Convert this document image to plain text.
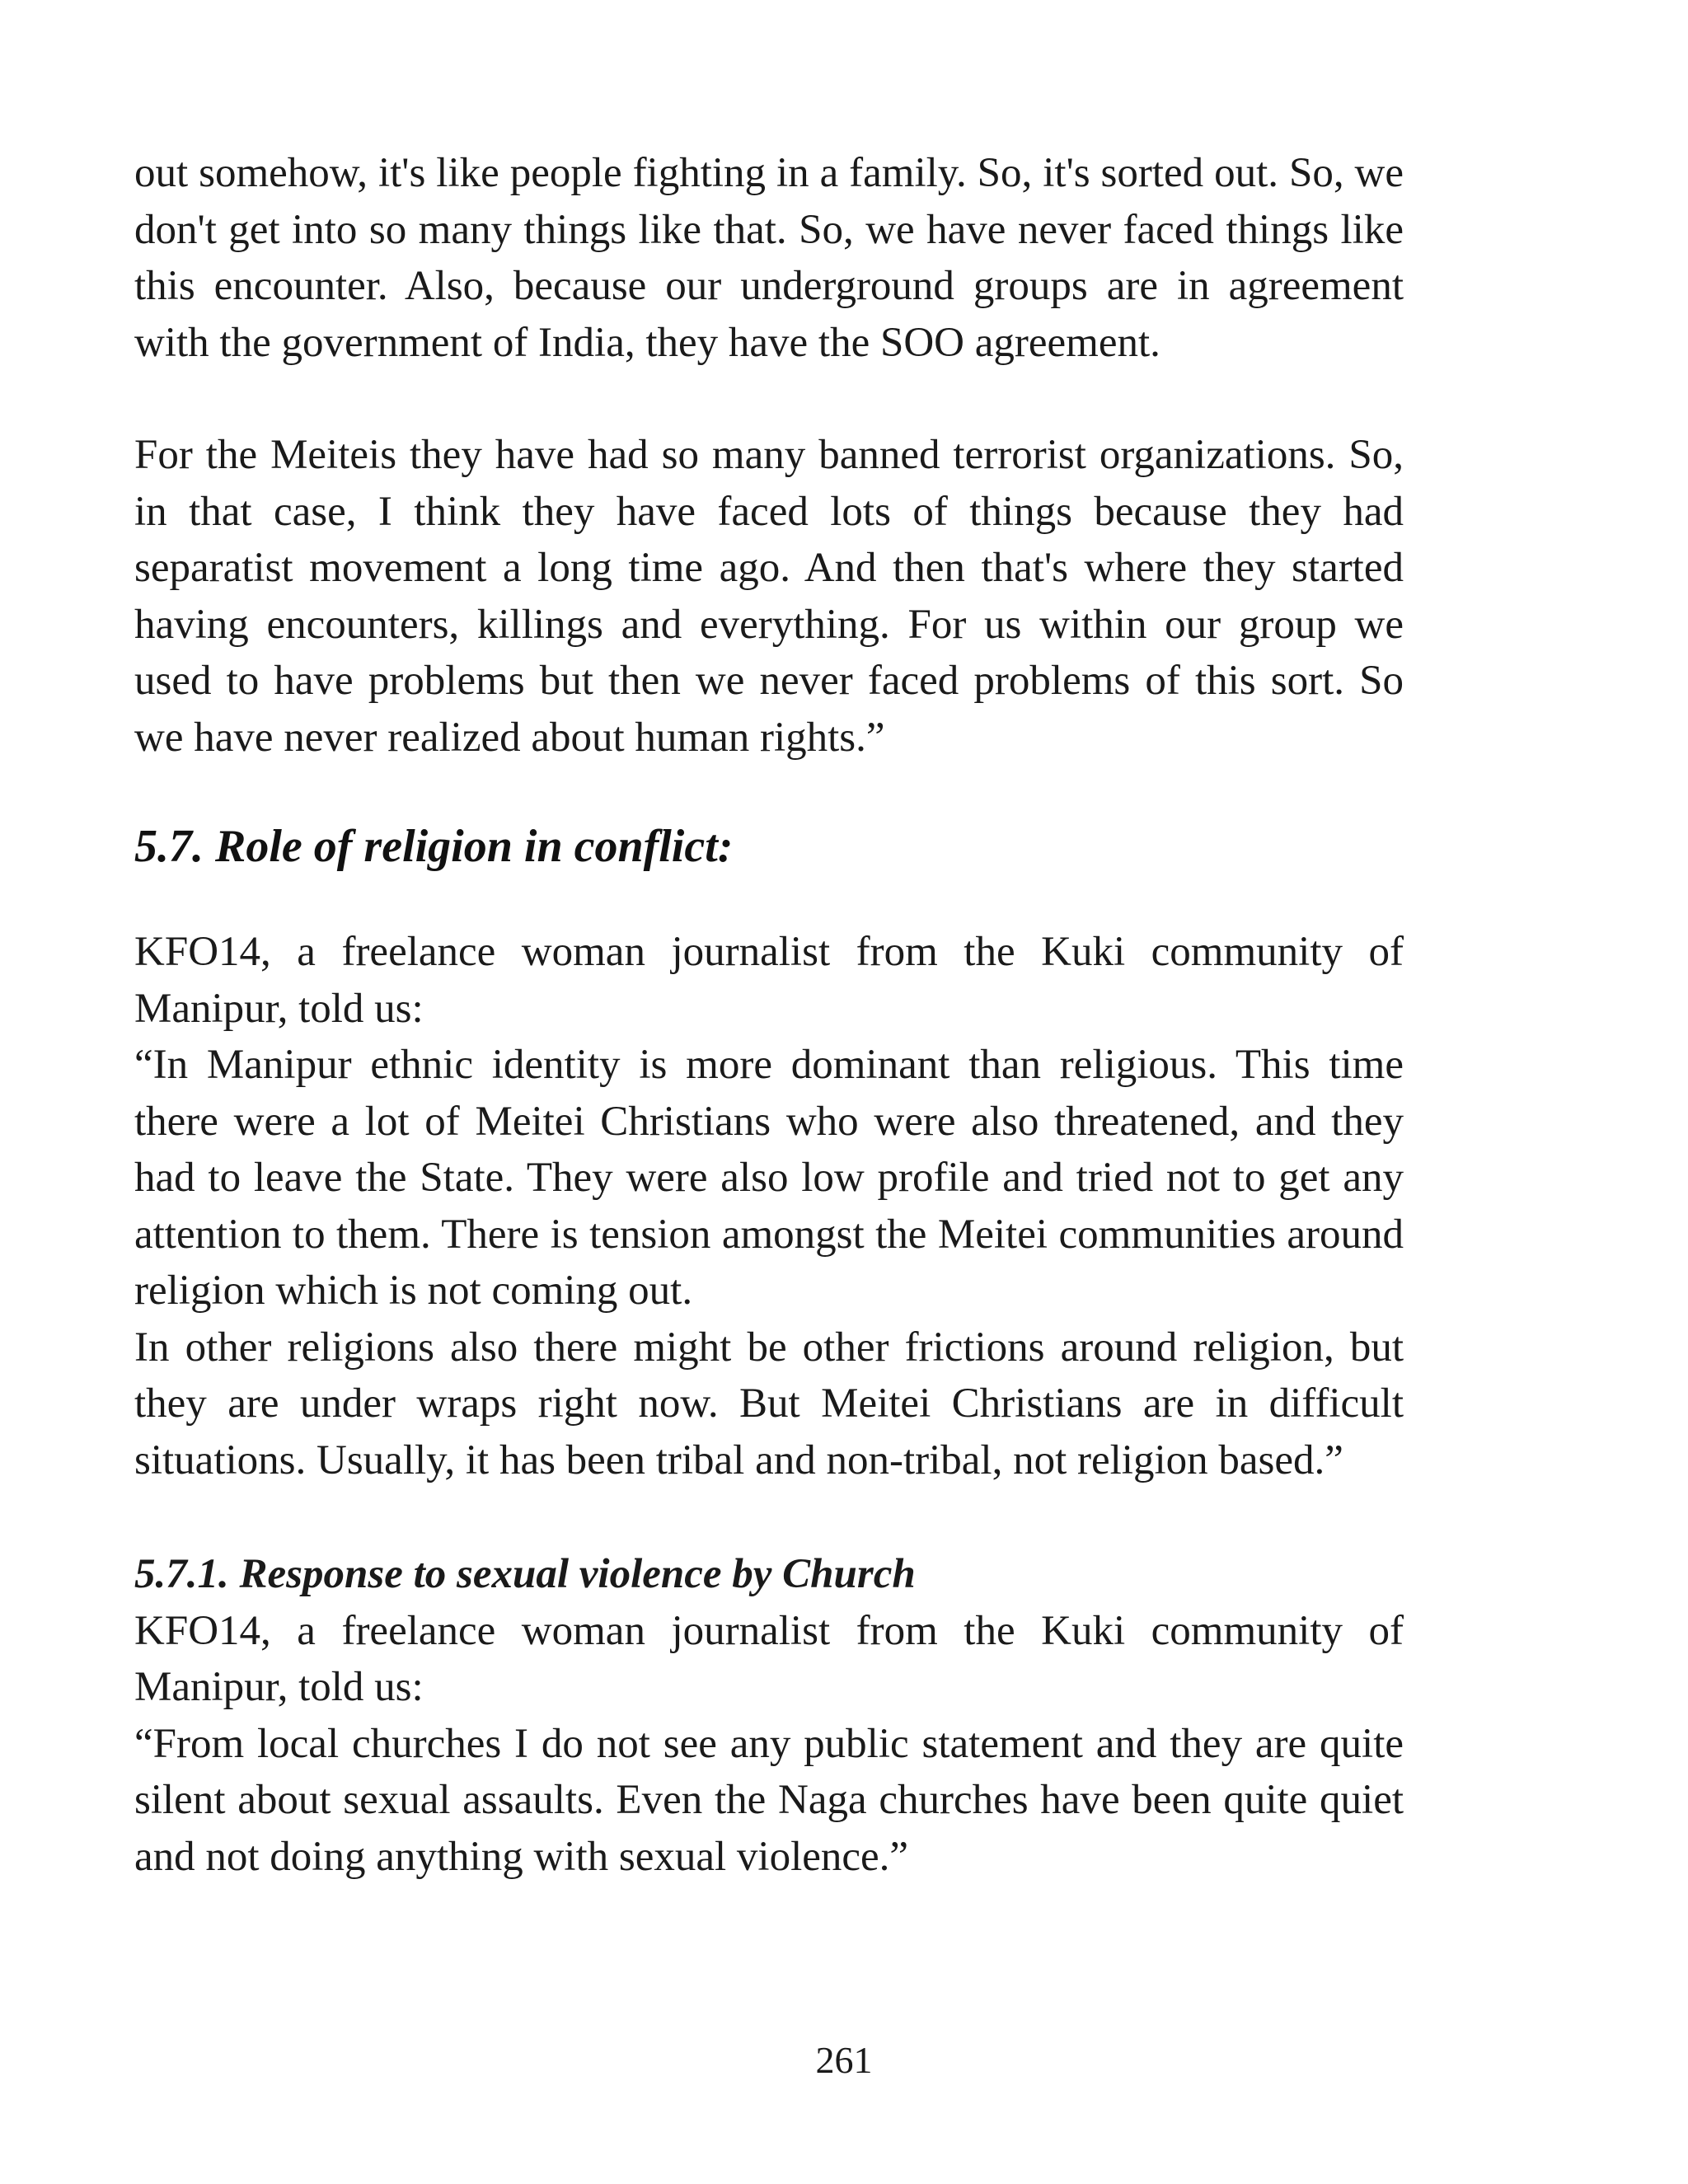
out somehow, it's like people fighting in a family. So, it's sorted out. So, we don't get into so many things like that. So, we have never faced things like this encounter. Also, because our underground groups are in agreement with the government of India, they have the SOO agreement.

For the Meiteis they have had so many banned terrorist organizations. So, in that case, I think they have faced lots of things because they had separatist movement a long time ago. And then that's where they started having encounters, killings and everything. For us within our group we used to have problems but then we never faced problems of this sort. So we have never realized about human rights.”

5.7. Role of religion in conflict:

KFO14, a freelance woman journalist from the Kuki community of Manipur, told us:

“In Manipur ethnic identity is more dominant than religious. This time there were a lot of Meitei Christians who were also threatened, and they had to leave the State. They were also low profile and tried not to get any attention to them. There is tension amongst the Meitei communities around religion which is not coming out.

In other religions also there might be other frictions around religion, but they are under wraps right now. But Meitei Christians are in difficult situations. Usually, it has been tribal and non-tribal, not religion based.”

5.7.1. Response to sexual violence by Church

KFO14, a freelance woman journalist from the Kuki community of Manipur, told us:

“From local churches I do not see any public statement and they are quite silent about sexual assaults. Even the Naga churches have been quite quiet and not doing anything with sexual violence.”

261
